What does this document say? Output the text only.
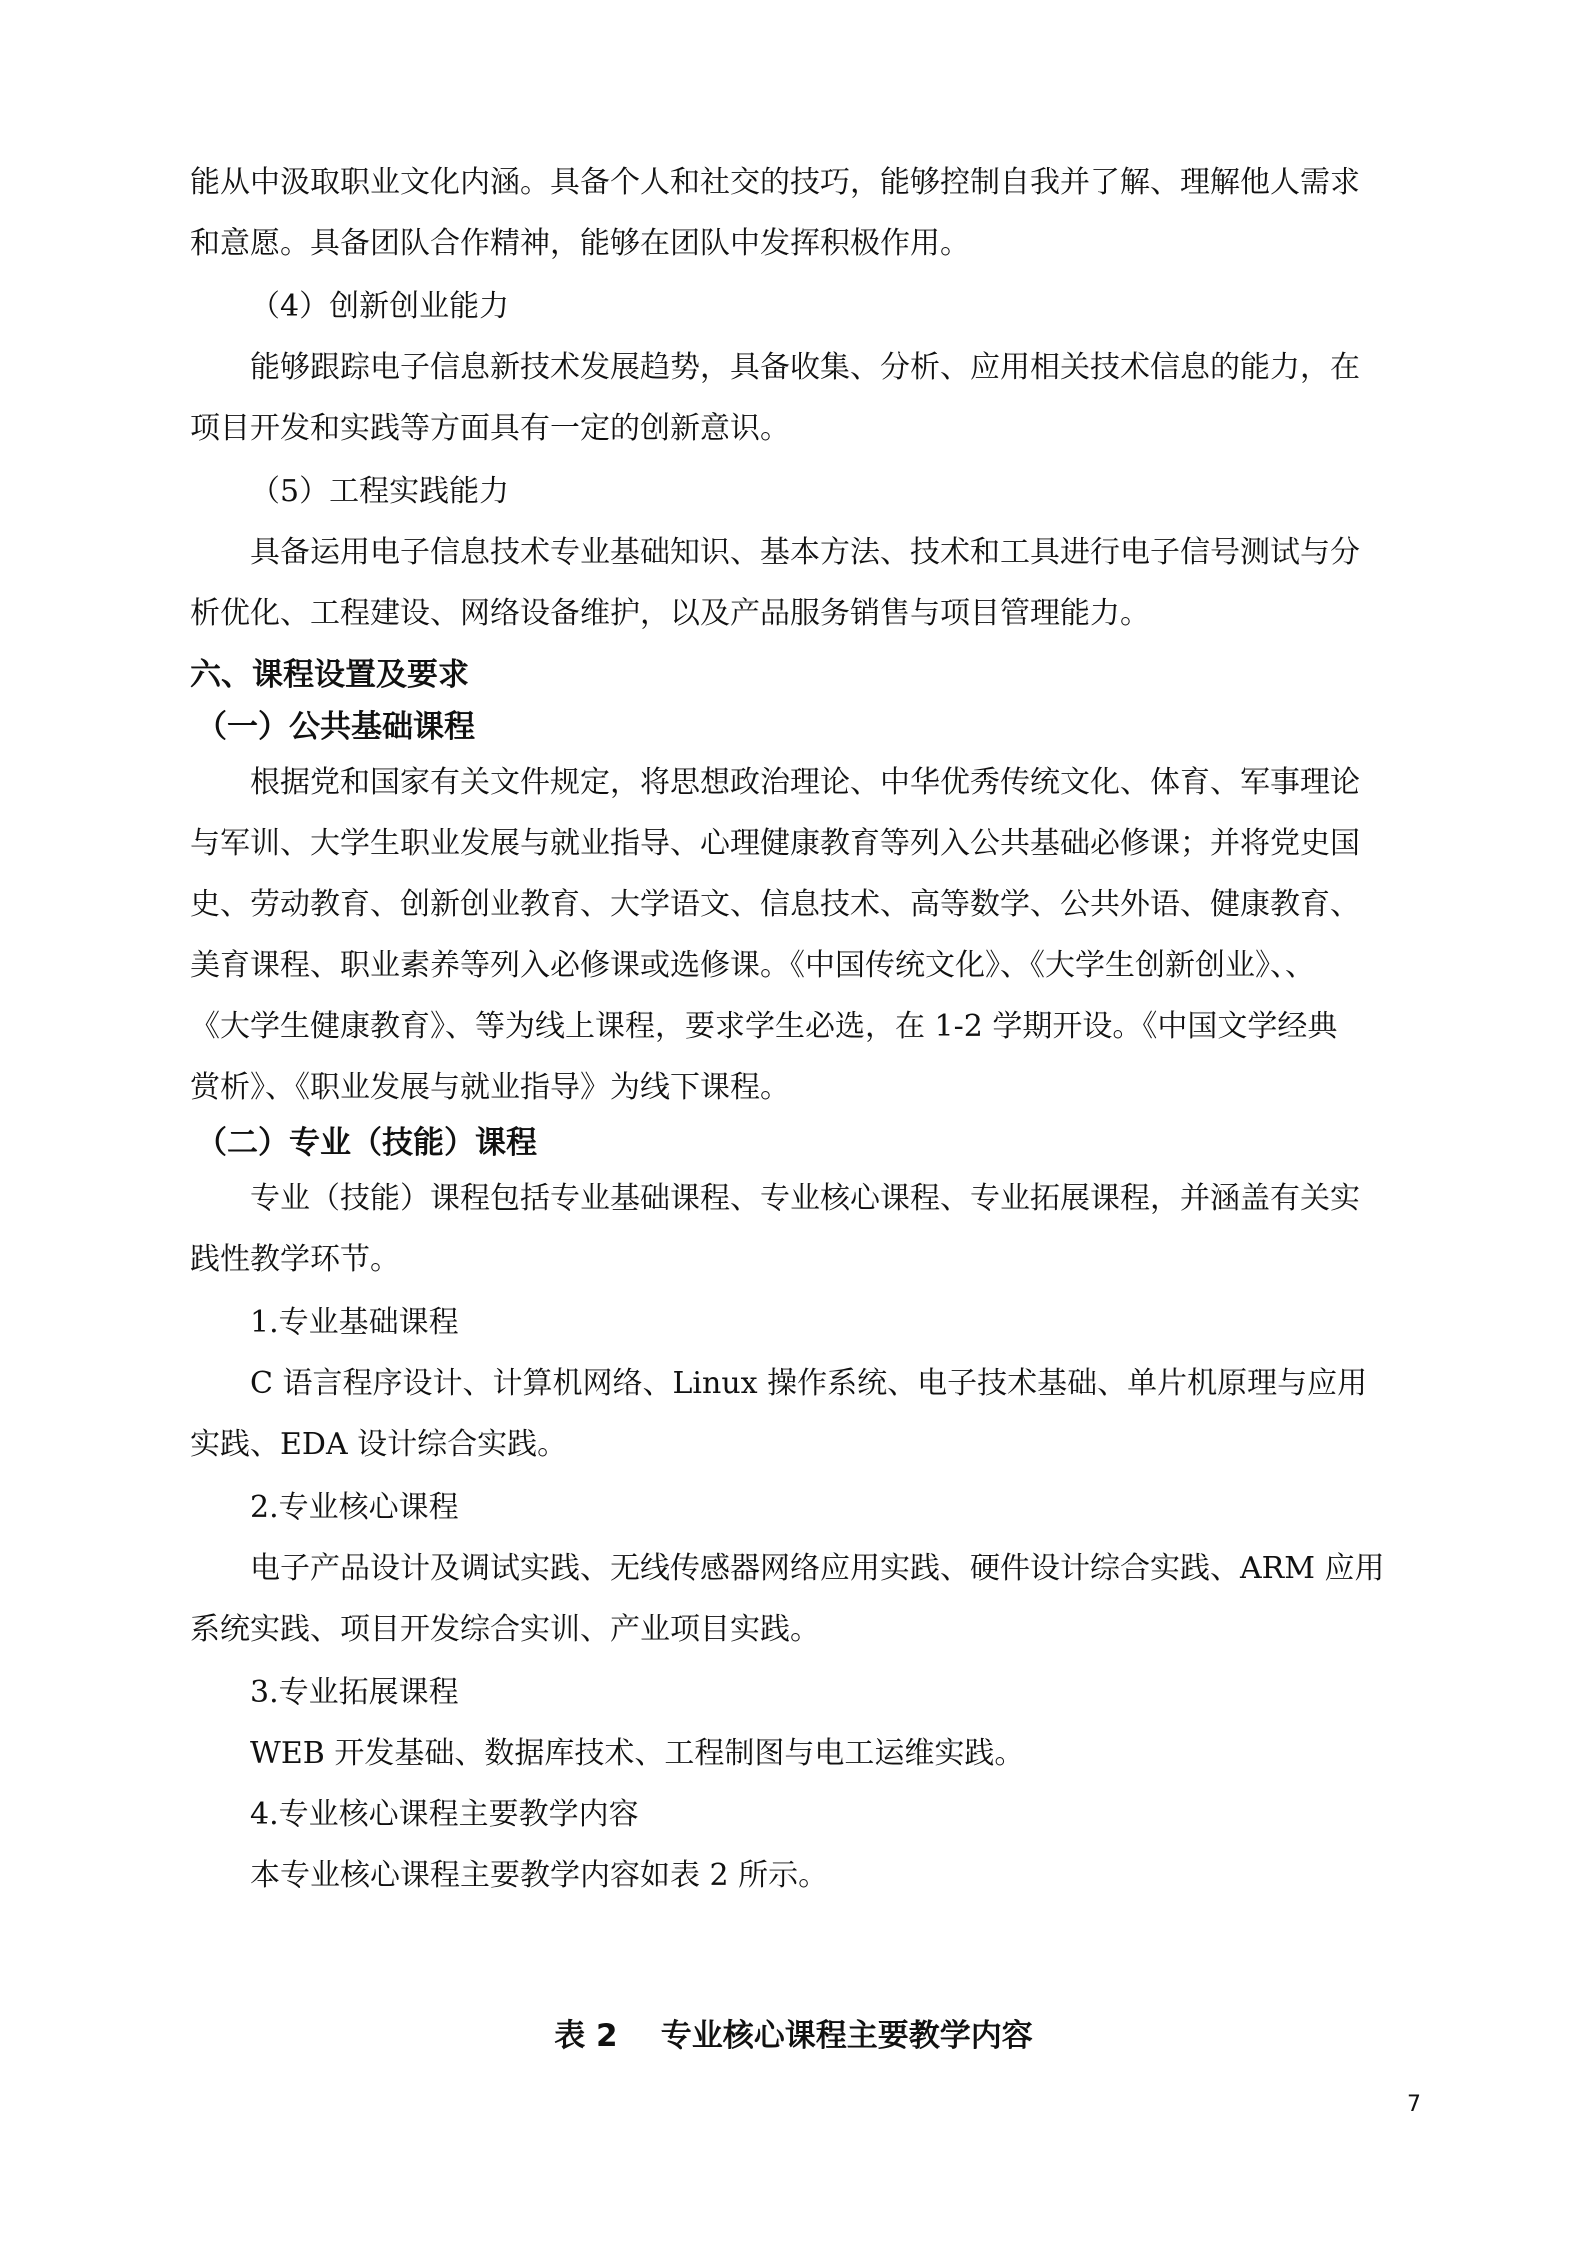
能从中汲取职业文化内涵。具备个人和社交的技巧，能够控制自我并了解、理解他人需求
和意愿。具备团队合作精神，能够在团队中发挥积极作用。
（4）创新创业能力
能够跟踪电子信息新技术发展趋势，具备收集、分析、应用相关技术信息的能力，在
项目开发和实践等方面具有一定的创新意识。
（5）工程实践能力
具备运用电子信息技术专业基础知识、基本方法、技术和工具进行电子信号测试与分
析优化、工程建设、网络设备维护，以及产品服务销售与项目管理能力。
六、课程设置及要求
（一）公共基础课程
根据党和国家有关文件规定，将思想政治理论、中华优秀传统文化、体育、军事理论
与军训、大学生职业发展与就业指导、心理健康教育等列入公共基础必修课；并将党史国
史、劳动教育、创新创业教育、大学语文、信息技术、高等数学、公共外语、健康教育、
美育课程、职业素养等列入必修课或选修课。《中国传统文化》、《大学生创新创业》、、
《大学生健康教育》、等为线上课程，要求学生必选，在 1-2 学期开设。《中国文学经典
赏析》、《职业发展与就业指导》为线下课程。
（二）专业（技能）课程
专业（技能）课程包括专业基础课程、专业核心课程、专业拓展课程，并涵盖有关实
践性教学环节。
1.专业基础课程
C 语言程序设计、计算机网络、Linux 操作系统、电子技术基础、单片机原理与应用
实践、EDA 设计综合实践。
2.专业核心课程
电子产品设计及调试实践、无线传感器网络应用实践、硬件设计综合实践、ARM 应用
系统实践、项目开发综合实训、产业项目实践。
3.专业拓展课程
WEB 开发基础、数据库技术、工程制图与电工运维实践。
4.专业核心课程主要教学内容
本专业核心课程主要教学内容如表 2 所示。
表 2 专业核心课程主要教学内容
7
